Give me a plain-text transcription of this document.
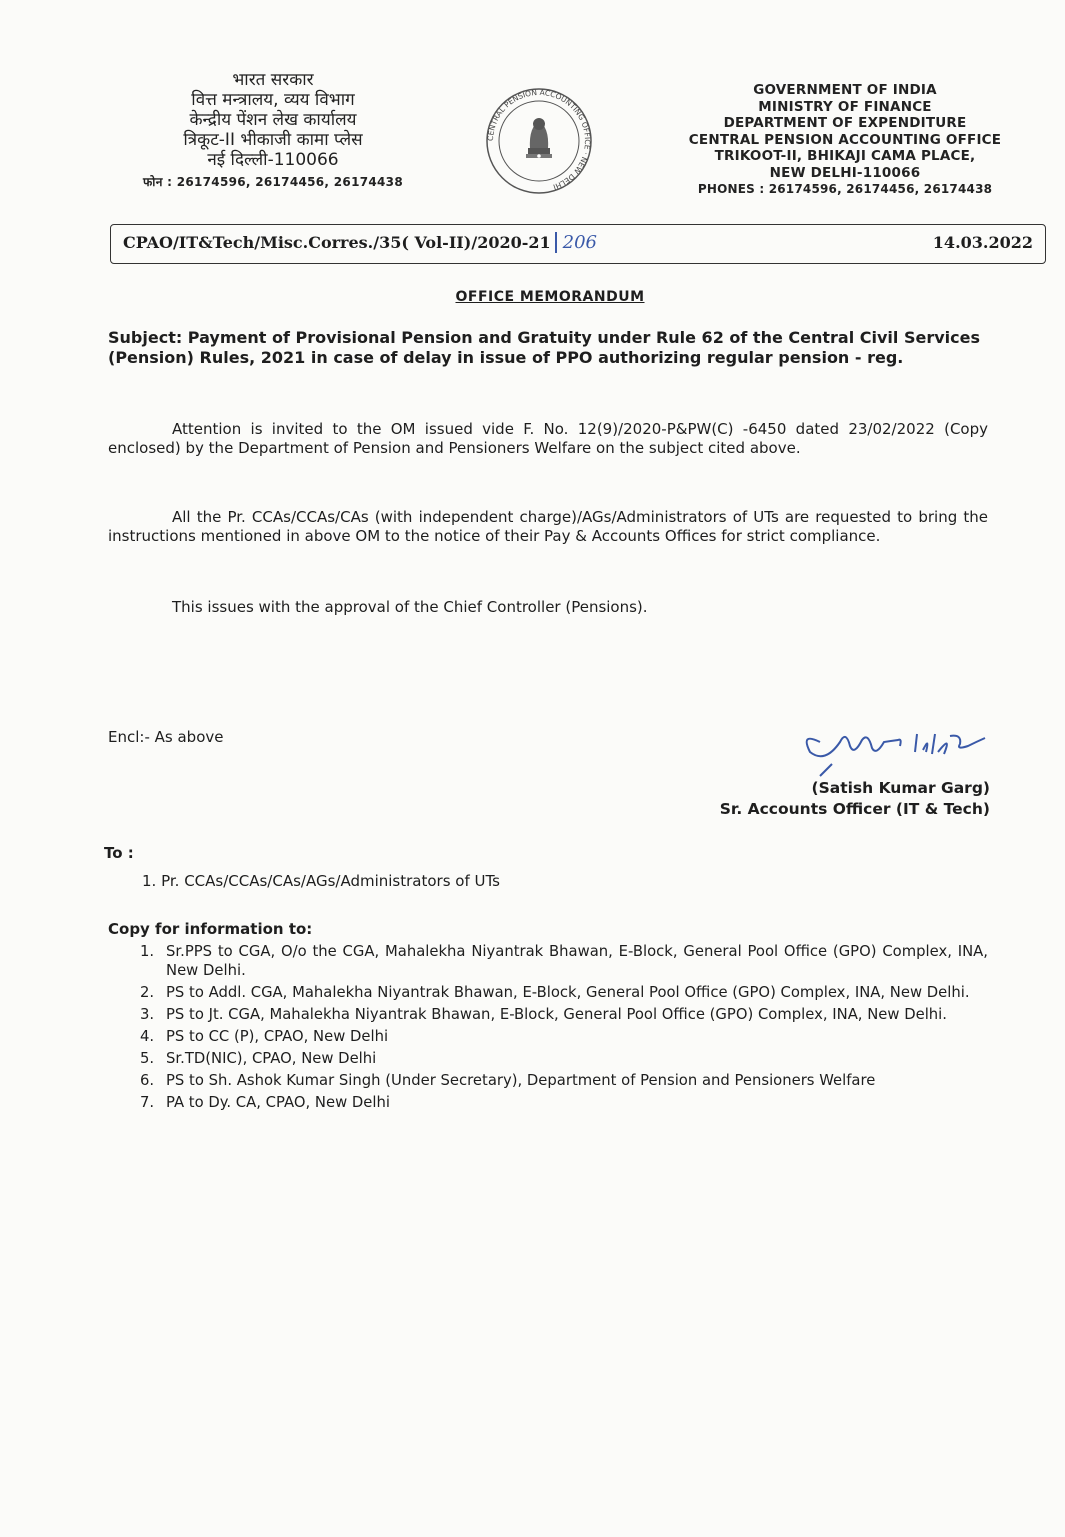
भारत सरकार
वित्त मन्त्रालय, व्यय विभाग
केन्द्रीय पेंशन लेख कार्यालय
त्रिकूट-II भीकाजी कामा प्लेस
नई दिल्ली-110066
फोन : 26174596, 26174456, 26174438
CENTRAL PENSION ACCOUNTING OFFICE · NEW DELHI
GOVERNMENT OF INDIA
MINISTRY OF FINANCE
DEPARTMENT OF EXPENDITURE
CENTRAL PENSION ACCOUNTING OFFICE
TRIKOOT-II, BHIKAJI CAMA PLACE,
NEW DELHI-110066
PHONES : 26174596, 26174456, 26174438
CPAO/IT&Tech/Misc.Corres./35( Vol-II)/2020-21 206	14.03.2022
OFFICE MEMORANDUM
Subject: Payment of Provisional Pension and Gratuity under Rule 62 of the Central Civil Services (Pension) Rules, 2021 in case of delay in issue of PPO authorizing regular pension - reg.
Attention is invited to the OM issued vide F. No. 12(9)/2020-P&PW(C) -6450 dated 23/02/2022 (Copy enclosed) by the Department of Pension and Pensioners Welfare on the subject cited above.
All the Pr. CCAs/CCAs/CAs (with independent charge)/AGs/Administrators of UTs are requested to bring the instructions mentioned in above OM to the notice of their Pay & Accounts Offices for strict compliance.
This issues with the approval of the Chief Controller (Pensions).
Encl:- As above
(Satish Kumar Garg)
Sr. Accounts Officer (IT & Tech)
To :
1. Pr. CCAs/CCAs/CAs/AGs/Administrators of UTs
Copy for information to:
1. Sr.PPS to CGA, O/o the CGA, Mahalekha Niyantrak Bhawan, E-Block, General Pool Office (GPO) Complex, INA, New Delhi.
2. PS to Addl. CGA, Mahalekha Niyantrak Bhawan, E-Block, General Pool Office (GPO) Complex, INA, New Delhi.
3. PS to Jt. CGA, Mahalekha Niyantrak Bhawan, E-Block, General Pool Office (GPO) Complex, INA, New Delhi.
4. PS to CC (P), CPAO, New Delhi
5. Sr.TD(NIC), CPAO, New Delhi
6. PS to Sh. Ashok Kumar Singh (Under Secretary), Department of Pension and Pensioners Welfare
7. PA to Dy. CA, CPAO, New Delhi
